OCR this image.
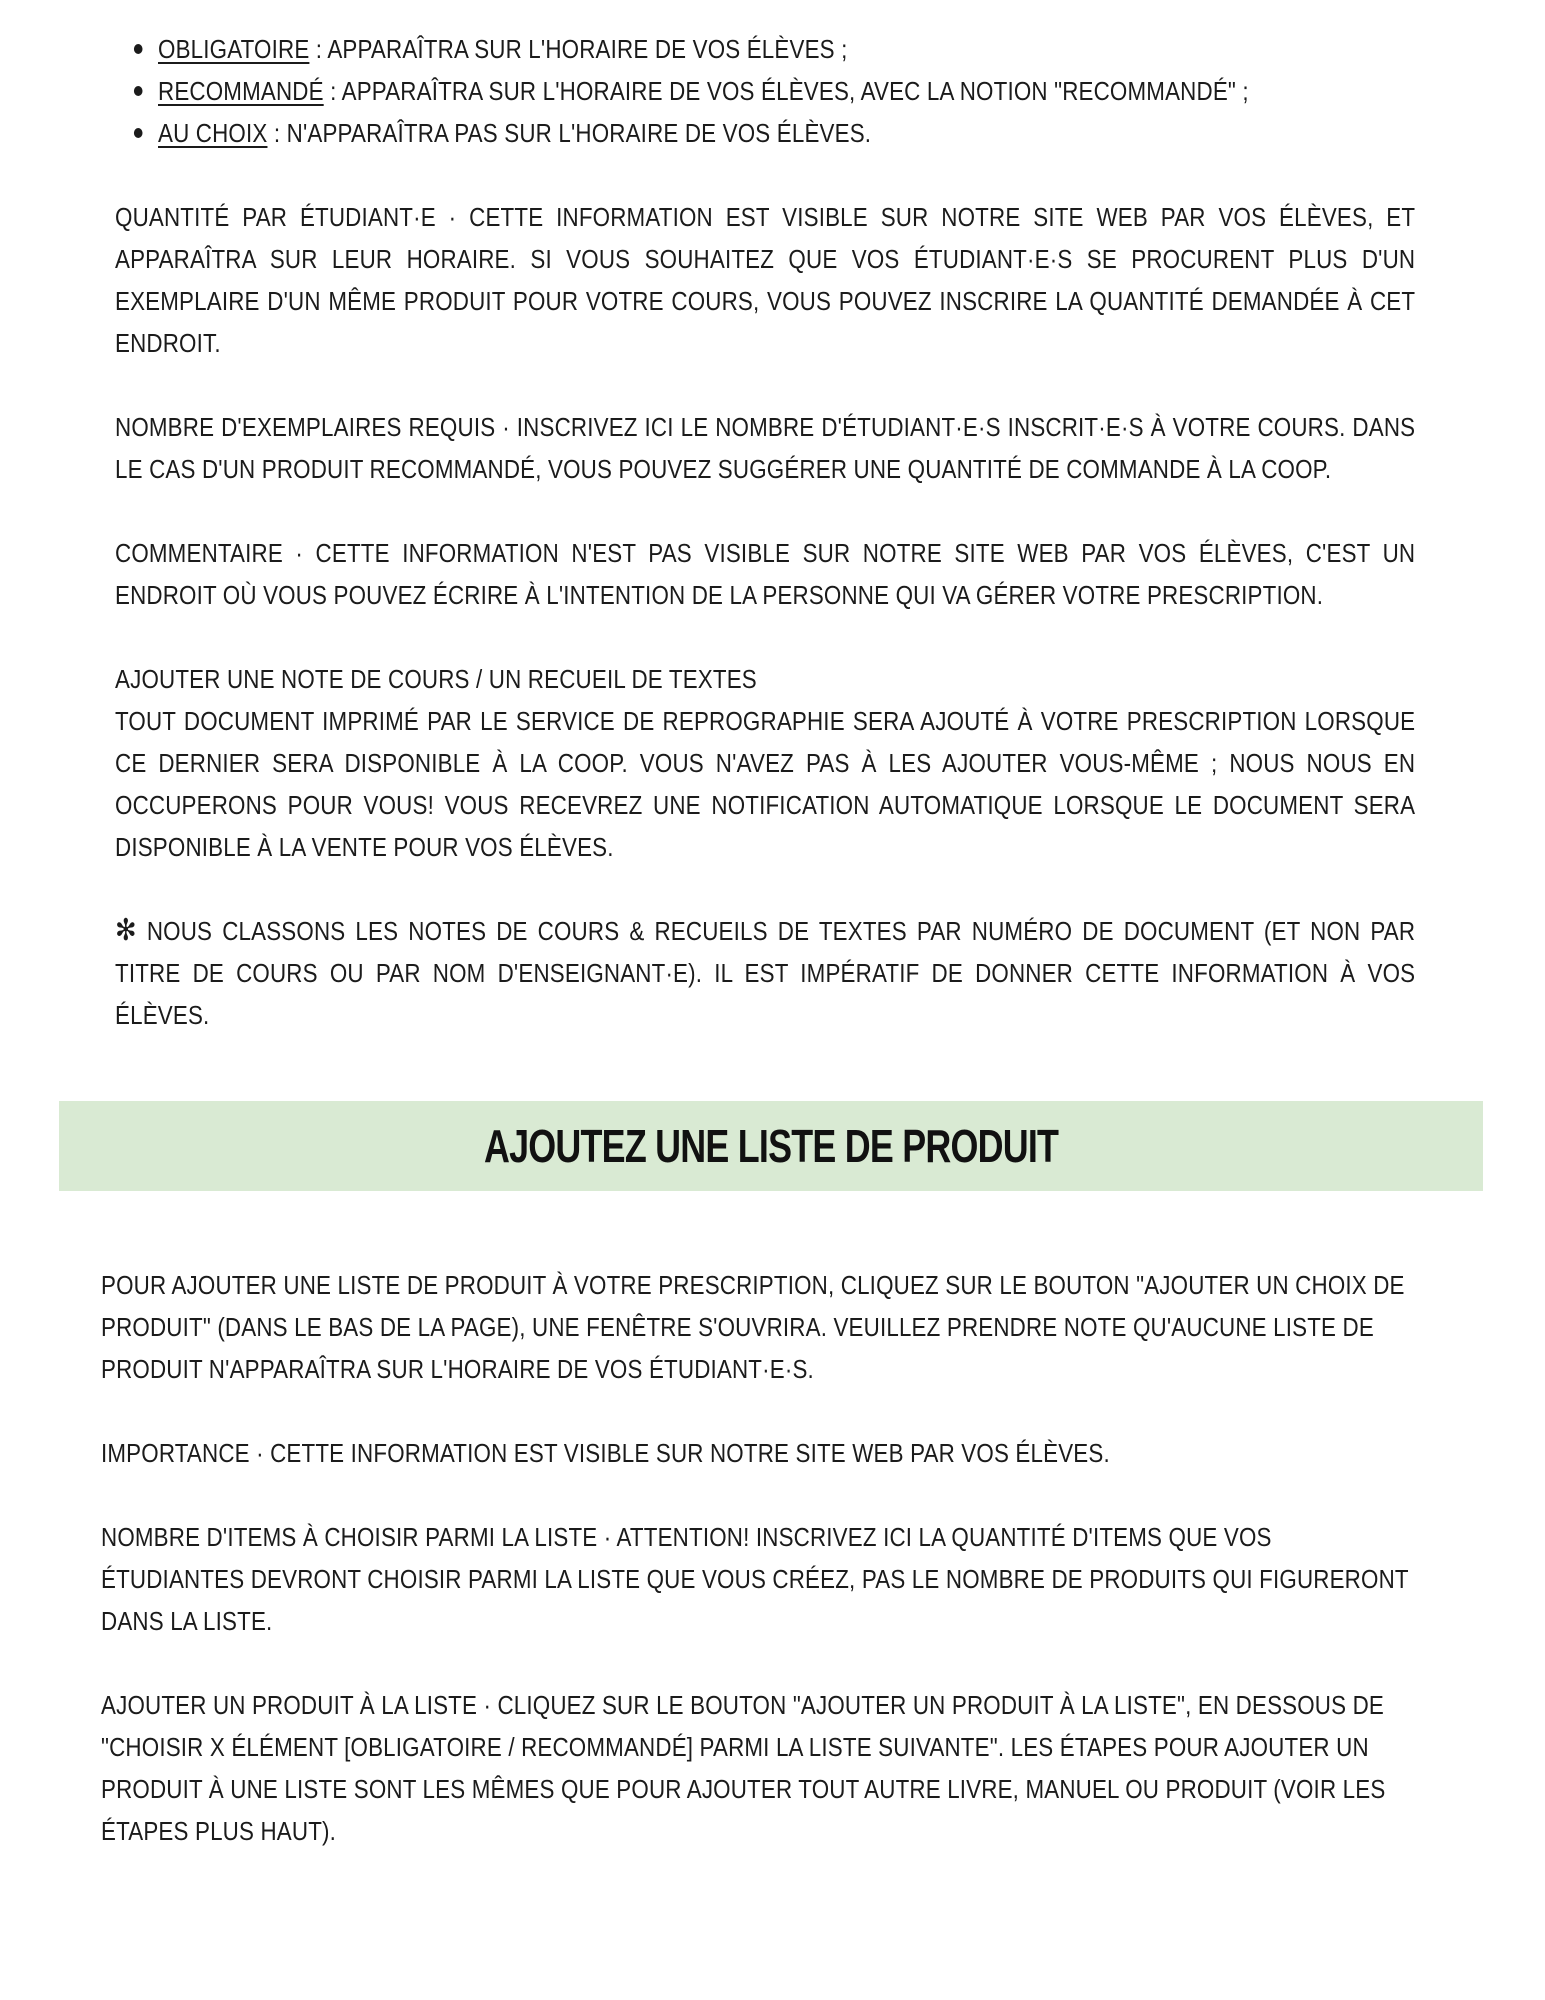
OBLIGATOIRE : APPARAÎTRA SUR L'HORAIRE DE VOS ÉLÈVES ;
RECOMMANDÉ : APPARAÎTRA SUR L'HORAIRE DE VOS ÉLÈVES, AVEC LA NOTION "RECOMMANDÉ" ;
AU CHOIX : N'APPARAÎTRA PAS SUR L'HORAIRE DE VOS ÉLÈVES.

QUANTITÉ PAR ÉTUDIANT·E · CETTE INFORMATION EST VISIBLE SUR NOTRE SITE WEB PAR VOS ÉLÈVES, ET APPARAÎTRA SUR LEUR HORAIRE. SI VOUS SOUHAITEZ QUE VOS ÉTUDIANT·E·S SE PROCURENT PLUS D'UN EXEMPLAIRE D'UN MÊME PRODUIT POUR VOTRE COURS, VOUS POUVEZ INSCRIRE LA QUANTITÉ DEMANDÉE À CET ENDROIT.

NOMBRE D'EXEMPLAIRES REQUIS · INSCRIVEZ ICI LE NOMBRE D'ÉTUDIANT·E·S INSCRIT·E·S À VOTRE COURS. DANS LE CAS D'UN PRODUIT RECOMMANDÉ, VOUS POUVEZ SUGGÉRER UNE QUANTITÉ DE COMMANDE À LA COOP.

COMMENTAIRE · CETTE INFORMATION N'EST PAS VISIBLE SUR NOTRE SITE WEB PAR VOS ÉLÈVES, C'EST UN ENDROIT OÙ VOUS POUVEZ ÉCRIRE À L'INTENTION DE LA PERSONNE QUI VA GÉRER VOTRE PRESCRIPTION.

AJOUTER UNE NOTE DE COURS / UN RECUEIL DE TEXTES

TOUT DOCUMENT IMPRIMÉ PAR LE SERVICE DE REPROGRAPHIE SERA AJOUTÉ À VOTRE PRESCRIPTION LORSQUE CE DERNIER SERA DISPONIBLE À LA COOP. VOUS N'AVEZ PAS À LES AJOUTER VOUS-MÊME ; NOUS NOUS EN OCCUPERONS POUR VOUS! VOUS RECEVREZ UNE NOTIFICATION AUTOMATIQUE LORSQUE LE DOCUMENT SERA DISPONIBLE À LA VENTE POUR VOS ÉLÈVES.

✻ NOUS CLASSONS LES NOTES DE COURS & RECUEILS DE TEXTES PAR NUMÉRO DE DOCUMENT (ET NON PAR TITRE DE COURS OU PAR NOM D'ENSEIGNANT·E). IL EST IMPÉRATIF DE DONNER CETTE INFORMATION À VOS ÉLÈVES.

AJOUTEZ UNE LISTE DE PRODUIT

POUR AJOUTER UNE LISTE DE PRODUIT À VOTRE PRESCRIPTION, CLIQUEZ SUR LE BOUTON "AJOUTER UN CHOIX DE PRODUIT" (DANS LE BAS DE LA PAGE), UNE FENÊTRE S'OUVRIRA. VEUILLEZ PRENDRE NOTE QU'AUCUNE LISTE DE PRODUIT N'APPARAÎTRA SUR L'HORAIRE DE VOS ÉTUDIANT·E·S.

IMPORTANCE · CETTE INFORMATION EST VISIBLE SUR NOTRE SITE WEB PAR VOS ÉLÈVES.

NOMBRE D'ITEMS À CHOISIR PARMI LA LISTE · ATTENTION! INSCRIVEZ ICI LA QUANTITÉ D'ITEMS QUE VOS ÉTUDIANTES DEVRONT CHOISIR PARMI LA LISTE QUE VOUS CRÉEZ, PAS LE NOMBRE DE PRODUITS QUI FIGURERONT DANS LA LISTE.

AJOUTER UN PRODUIT À LA LISTE · CLIQUEZ SUR LE BOUTON "AJOUTER UN PRODUIT À LA LISTE", EN DESSOUS DE "CHOISIR X ÉLÉMENT [OBLIGATOIRE / RECOMMANDÉ] PARMI LA LISTE SUIVANTE". LES ÉTAPES POUR AJOUTER UN PRODUIT À UNE LISTE SONT LES MÊMES QUE POUR AJOUTER TOUT AUTRE LIVRE, MANUEL OU PRODUIT (VOIR LES ÉTAPES PLUS HAUT).
